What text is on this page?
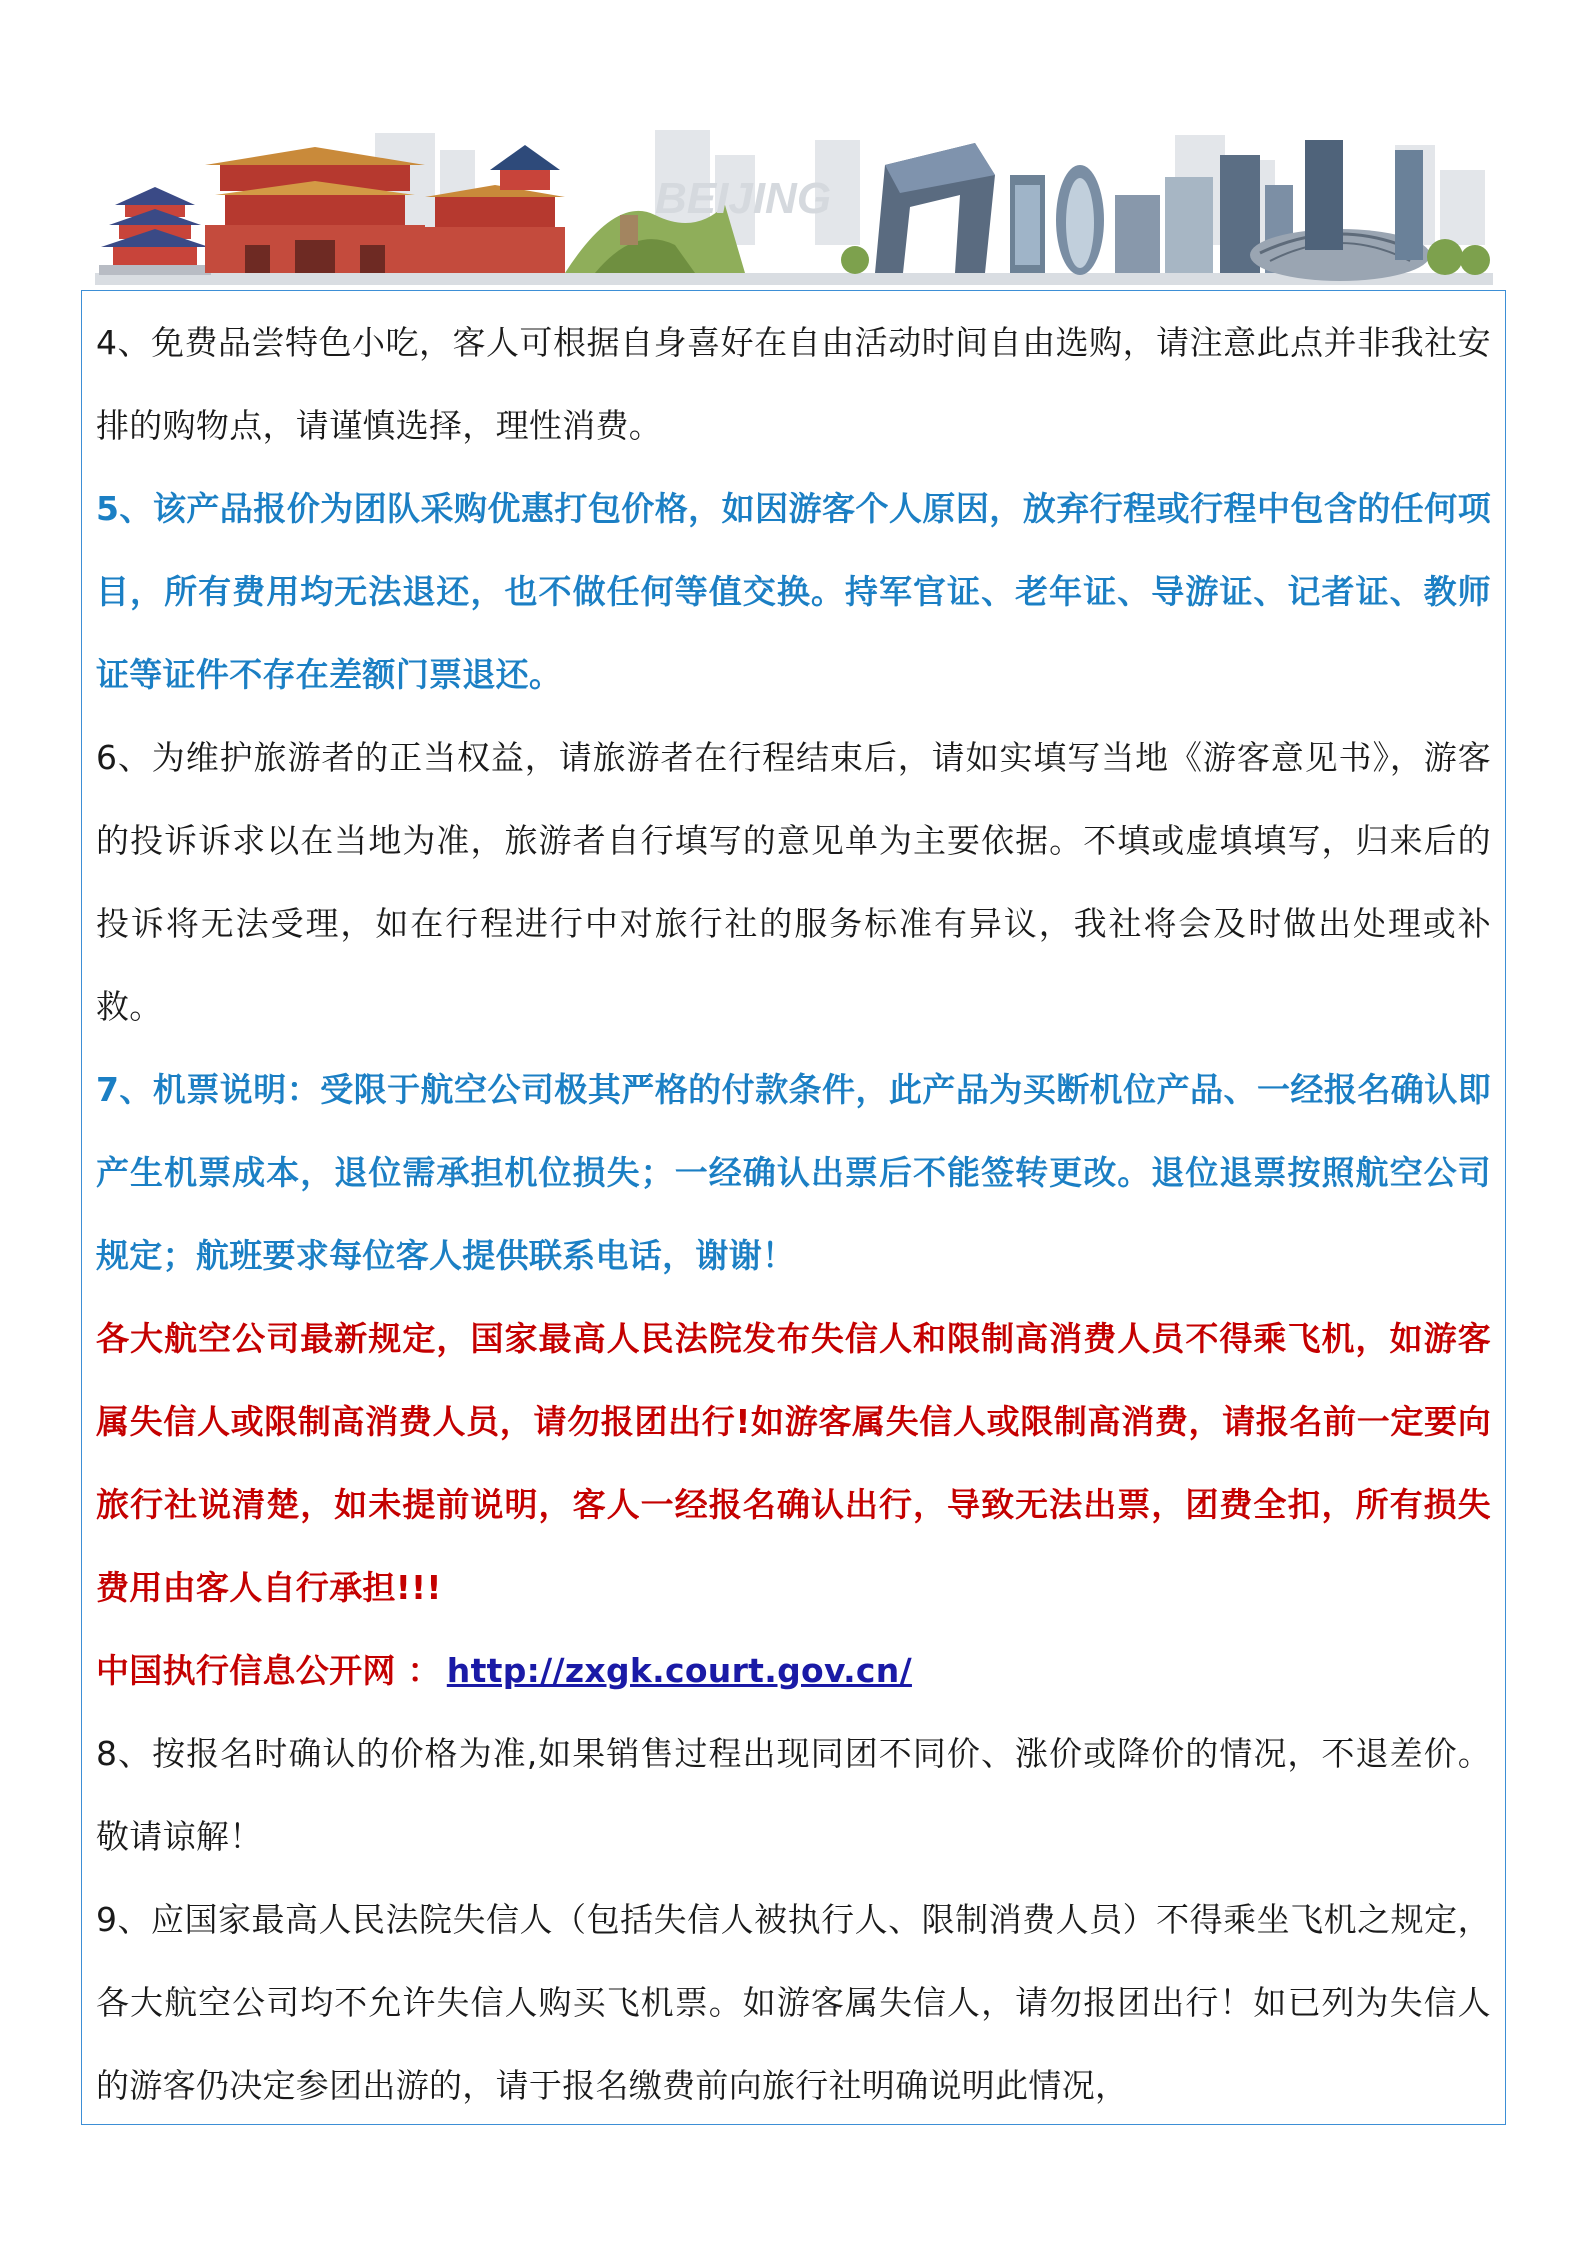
BEIJING

4、免费品尝特色小吃，客人可根据自身喜好在自由活动时间自由选购，请注意此点并非我社安排的购物点，请谨慎选择，理性消费。

5、该产品报价为团队采购优惠打包价格，如因游客个人原因，放弃行程或行程中包含的任何项目，所有费用均无法退还，也不做任何等值交换。持军官证、老年证、导游证、记者证、教师证等证件不存在差额门票退还。

6、为维护旅游者的正当权益，请旅游者在行程结束后，请如实填写当地《游客意见书》，游客的投诉诉求以在当地为准，旅游者自行填写的意见单为主要依据。不填或虚填填写，归来后的投诉将无法受理，如在行程进行中对旅行社的服务标准有异议，我社将会及时做出处理或补救。

7、机票说明：受限于航空公司极其严格的付款条件，此产品为买断机位产品、一经报名确认即产生机票成本，退位需承担机位损失；一经确认出票后不能签转更改。退位退票按照航空公司规定；航班要求每位客人提供联系电话，谢谢！

各大航空公司最新规定，国家最高人民法院发布失信人和限制高消费人员不得乘飞机，如游客属失信人或限制高消费人员，请勿报团出行!如游客属失信人或限制高消费，请报名前一定要向旅行社说清楚，如未提前说明，客人一经报名确认出行，导致无法出票，团费全扣，所有损失费用由客人自行承担!!!

中国执行信息公开网 ： http://zxgk.court.gov.cn/

8、按报名时确认的价格为准,如果销售过程出现同团不同价、涨价或降价的情况，不退差价。敬请谅解！

9、应国家最高人民法院失信人（包括失信人被执行人、限制消费人员）不得乘坐飞机之规定，各大航空公司均不允许失信人购买飞机票。如游客属失信人，请勿报团出行！如已列为失信人的游客仍决定参团出游的，请于报名缴费前向旅行社明确说明此情况，
